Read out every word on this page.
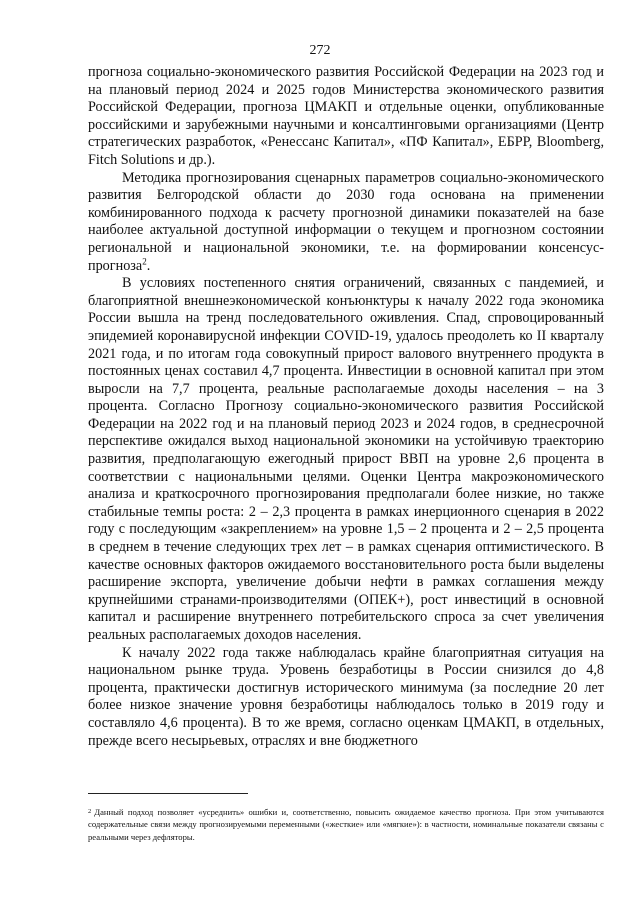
272

прогноза социально-экономического развития Российской Федерации на 2023 год и на плановый период 2024 и 2025 годов Министерства экономического развития Российской Федерации, прогноза ЦМАКП и отдельные оценки, опубликованные российскими и зарубежными научными и консалтинговыми организациями (Центр стратегических разработок, «Ренессанс Капитал», «ПФ Капитал», ЕБРР, Bloomberg, Fitch Solutions и др.).

Методика прогнозирования сценарных параметров социально-экономического развития Белгородской области до 2030 года основана на применении комбинированного подхода к расчету прогнозной динамики показателей на базе наиболее актуальной доступной информации о текущем и прогнозном состоянии региональной и национальной экономики, т.е. на формировании консенсус-прогноза$^2$.

В условиях постепенного снятия ограничений, связанных с пандемией, и благоприятной внешнеэкономической конъюнктуры к началу 2022 года экономика России вышла на тренд последовательного оживления. Спад, спровоцированный эпидемией коронавирусной инфекции COVID-19, удалось преодолеть ко II кварталу 2021 года, и по итогам года совокупный прирост валового внутреннего продукта в постоянных ценах составил 4,7 процента. Инвестиции в основной капитал при этом выросли на 7,7 процента, реальные располагаемые доходы населения – на 3 процента. Согласно Прогнозу социально-экономического развития Российской Федерации на 2022 год и на плановый период 2023 и 2024 годов, в среднесрочной перспективе ожидался выход национальной экономики на устойчивую траекторию развития, предполагающую ежегодный прирост ВВП на уровне 2,6 процента в соответствии с национальными целями. Оценки Центра макроэкономического анализа и краткосрочного прогнозирования предполагали более низкие, но также стабильные темпы роста: 2 – 2,3 процента в рамках инерционного сценария в 2022 году с последующим «закреплением» на уровне 1,5 – 2 процента и 2 – 2,5 процента в среднем в течение следующих трех лет – в рамках сценария оптимистического. В качестве основных факторов ожидаемого восстановительного роста были выделены расширение экспорта, увеличение добычи нефти в рамках соглашения между крупнейшими странами-производителями (ОПЕК+), рост инвестиций в основной капитал и расширение внутреннего потребительского спроса за счет увеличения реальных располагаемых доходов населения.

К началу 2022 года также наблюдалась крайне благоприятная ситуация на национальном рынке труда. Уровень безработицы в России снизился до 4,8 процента, практически достигнув исторического минимума (за последние 20 лет более низкое значение уровня безработицы наблюдалось только в 2019 году и составляло 4,6 процента). В то же время, согласно оценкам ЦМАКП, в отдельных, прежде всего несырьевых, отраслях и вне бюджетного

$^2$ Данный подход позволяет «усреднить» ошибки и, соответственно, повысить ожидаемое качество прогноза. При этом учитываются содержательные связи между прогнозируемыми переменными («жесткие» или «мягкие»): в частности, номинальные показатели связаны с реальными через дефляторы.
